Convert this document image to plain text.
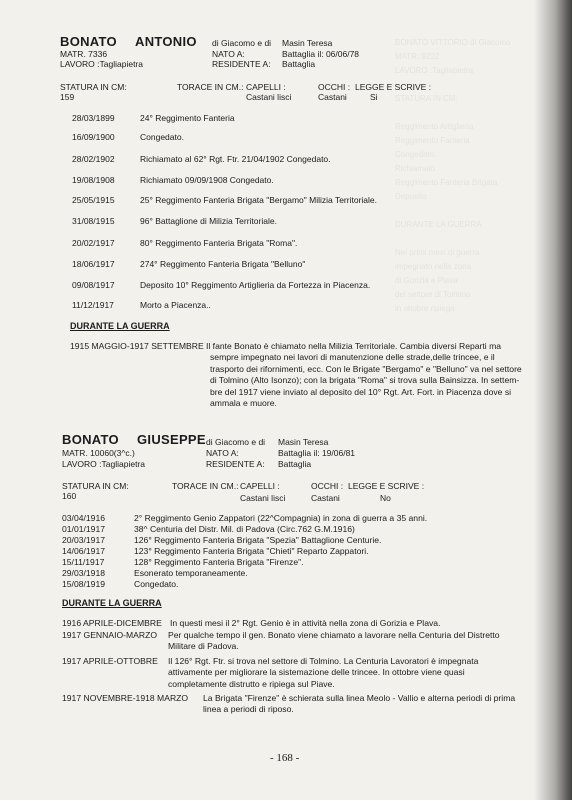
BONATO VITTORIO di Giacomo
MATR. 9222
LAVORO :Tagliapietra

STATURA IN CM:

Reggimento Artiglieria
Reggimento Fanteria
Congedato.
Richiamato
Reggimento Fanteria Brigata
Deposito

DURANTE LA GUERRA

Nei primi mesi di guerra
impegnato nella zona
di Gorizia e Plava
del settore di Tolmino
in ottobre ripiega
BONATO ANTONIO di Giacomo e di Masin Teresa
MATR. 7336	NATO A:	Battaglia il: 06/06/78
LAVORO :Tagliapietra	RESIDENTE A: Battaglia
STATURA IN CM:
159
TORACE IN CM.: CAPELLI :
Castani lisci
OCCHI :
Castani
LEGGE E SCRIVE :
Si
28/03/1899	24° Reggimento Fanteria
16/09/1900	Congedato.
28/02/1902	Richiamato al 62° Rgt. Ftr. 21/04/1902 Congedato.
19/08/1908	Richiamato 09/09/1908 Congedato.
25/05/1915	25° Reggimento Fanteria Brigata "Bergamo" Milizia Territoriale.
31/08/1915	96° Battaglione di Milizia Territoriale.
20/02/1917	80° Reggimento Fanteria Brigata "Roma".
18/06/1917	274° Reggimento Fanteria Brigata "Belluno"
09/08/1917	Deposito 10° Reggimento Artiglieria da Fortezza in Piacenza.
11/12/1917	Morto a Piacenza..
DURANTE LA GUERRA
1915 MAGGIO-1917 SETTEMBRE Il fante Bonato è chiamato nella Milizia Territoriale. Cambia diversi Reparti ma
sempre impegnato nei lavori di manutenzione delle strade,delle trincee, e il
trasporto dei rifornimenti, ecc. Con le Brigate "Bergamo" e "Belluno" va nel settore
di Tolmino (Alto Isonzo); con la brigata "Roma" si trova sulla Bainsizza. In settem-
bre del 1917 viene inviato al deposito del 10° Rgt. Art. Fort. in Piacenza dove si
ammala e muore.
BONATO GIUSEPPE di Giacomo e di Masin Teresa
MATR. 10060(3^c.)	NATO A:	Battaglia il: 19/06/81
LAVORO :Tagliapietra	RESIDENTE A: Battaglia
STATURA IN CM:
160
TORACE IN CM.: CAPELLI :
Castani lisci
OCCHI :
Castani
LEGGE E SCRIVE :
No
03/04/1916	2° Reggimento Genio Zappatori (22^Compagnia) in zona di guerra a 35 anni.
01/01/1917	38^ Centuria del Distr. Mil. di Padova (Circ.762 G.M.1916)
20/03/1917	126° Reggimento Fanteria Brigata "Spezia" Battaglione Centurie.
14/06/1917	123° Reggimento Fanteria Brigata "Chieti" Reparto Zappatori.
15/11/1917	128° Reggimento Fanteria Brigata "Firenze".
29/03/1918	Esonerato temporaneamente.
15/08/1919	Congedato.
DURANTE LA GUERRA
1916 APRILE-DICEMBRE In questi mesi il 2° Rgt. Genio è in attività nella zona di Gorizia e Plava.
1917 GENNAIO-MARZO Per qualche tempo il gen. Bonato viene chiamato a lavorare nella Centuria del Distretto
Militare di Padova.
1917 APRILE-OTTOBRE Il 126° Rgt. Ftr. si trova nel settore di Tolmino. La Centuria Lavoratori è impegnata
attivamente per migliorare la sistemazione delle trincee. In ottobre viene quasi
completamente distrutto e ripiega sul Piave.
1917 NOVEMBRE-1918 MARZO La Brigata "Firenze" è schierata sulla linea Meolo - Vallio e alterna periodi di prima
linea a periodi di riposo.
- 168 -
